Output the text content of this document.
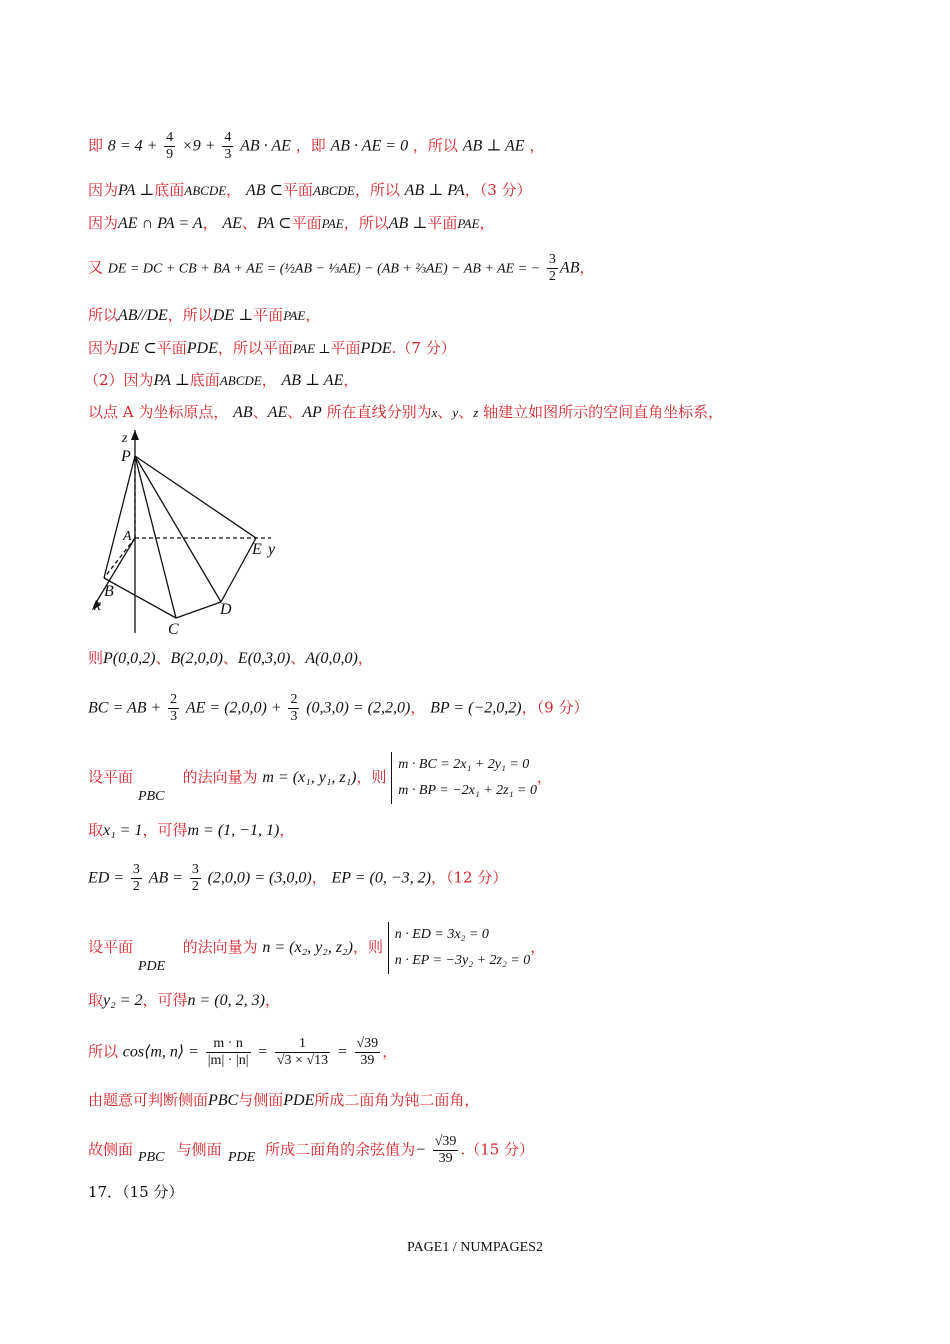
即 $8 = 4 + \frac{4}{9} \times 9 + \frac{4}{3}$ AB · AE ，即 AB · AE = 0 ，所以 AB ⊥ AE ，
因为PA ⊥底面ABCDE， AB ⊂平面ABCDE，所以 AB ⊥ PA，（3 分）
因为AE ∩ PA = A， AE、PA ⊂平面PAE，所以AB ⊥平面PAE，
又 DE = DC + CB + BA + AE = (½AB − ⅓AE) − (AB + ⅔AE) − AB + AE = − $\frac{3}{2}$ AB，
所以AB//DE，所以DE ⊥平面PAE，
因为DE ⊂平面PDE，所以平面PAE ⊥平面PDE.（7 分）
（2）因为PA ⊥底面ABCDE， AB ⊥ AE，
以点 A 为坐标原点， AB、AE、AP 所在直线分别为x、y、z 轴建立如图所示的空间直角坐标系，
P
A
B
C
D
E y
x
z
则P(0,0,2)、B(2,0,0)、E(0,3,0)、A(0,0,0)，
BC = AB + $\frac{2}{3}$ AE = $(2,0,0) + \frac{2}{3} (0,3,0) = (2,2,0)$， BP = (−2,0,2)，（9 分）
设平面	的法向量为 m = (x₁, y₁, z₁)，则
m · BC = 2x₁ + 2y₁ = 0
m · BP = −2x₁ + 2z₁ = 0
，
PBC
取x₁ = 1，可得m = (1, −1, 1)，
ED = $\frac{3}{2}$ AB = $\frac{3}{2} (2,0,0) = (3,0,0)$， EP = (0, −3, 2)，（12 分）
设平面	的法向量为 n = (x₂, y₂, z₂)，则
n · ED = 3x₂ = 0
n · EP = −3y₂ + 2z₂ = 0
，
PDE
取y₂ = 2，可得n = (0, 2, 3)，
所以 cos⟨m, n⟩ = $\frac{m \cdot n}{|m| \cdot |n|} = \frac{1}{√3 \times √13} = \frac{√39}{39}$ ，
由题意可判断侧面PBC与侧面PDE所成二面角为钝二面角，
故侧面	与侧面	所成二面角的余弦值为− $\frac{√39}{39} .(15$ 分）
PBC	PDE
17．（15 分）
PAGE1 / NUMPAGES2
